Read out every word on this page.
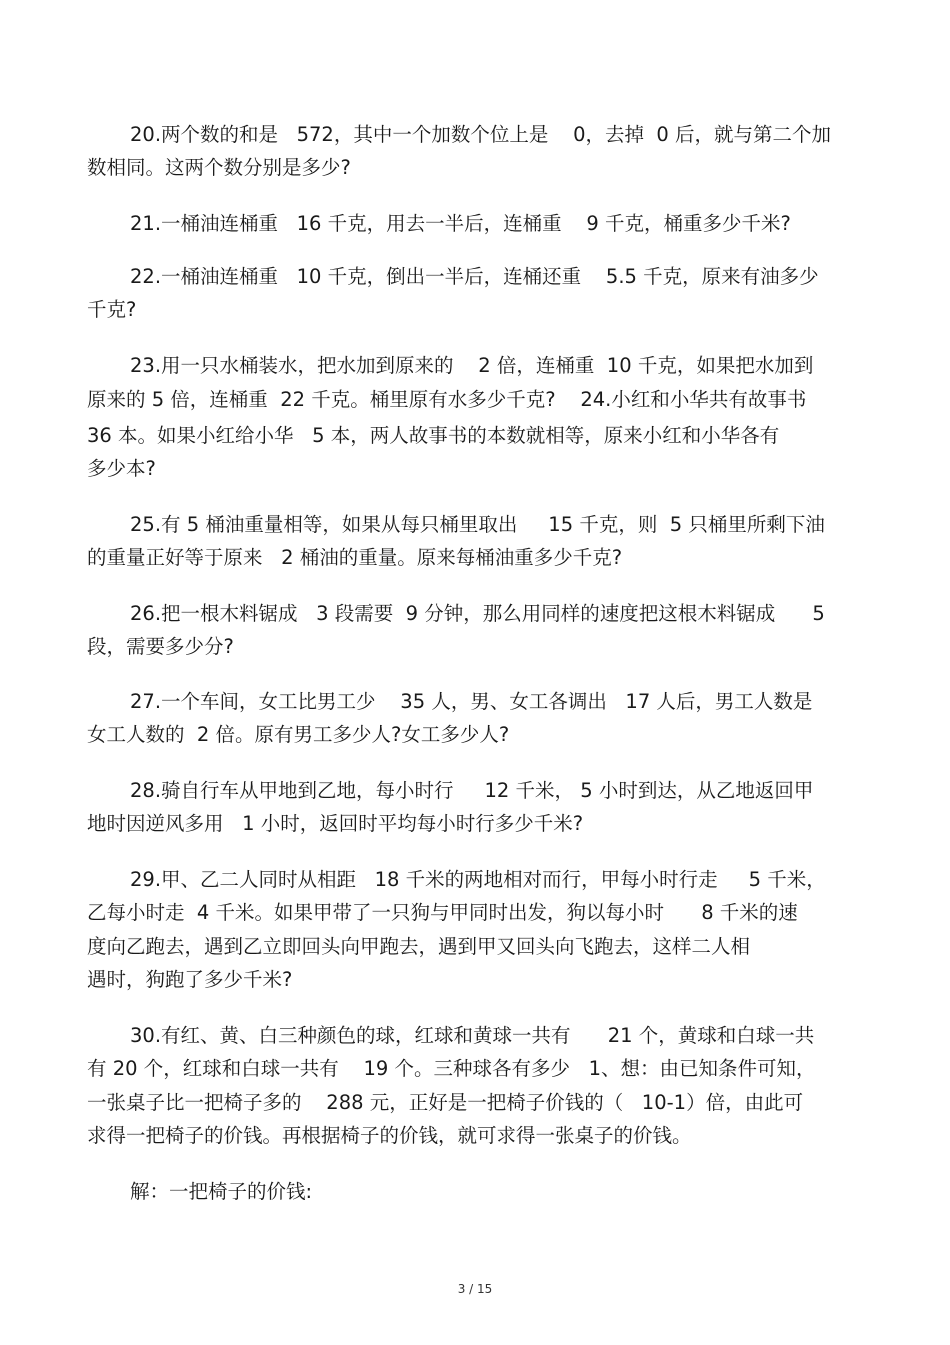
20.两个数的和是   572，其中一个加数个位上是    0，去掉  0 后，就与第二个加
数相同。这两个数分别是多少?
21.一桶油连桶重   16 千克，用去一半后，连桶重    9 千克，桶重多少千米?
22.一桶油连桶重   10 千克，倒出一半后，连桶还重    5.5 千克，原来有油多少
千克?
23.用一只水桶装水，把水加到原来的    2 倍，连桶重  10 千克，如果把水加到
原来的 5 倍，连桶重  22 千克。桶里原有水多少千克?    24.小红和小华共有故事书
36 本。如果小红给小华   5 本，两人故事书的本数就相等，原来小红和小华各有
多少本?
25.有 5 桶油重量相等，如果从每只桶里取出     15 千克，则  5 只桶里所剩下油
的重量正好等于原来   2 桶油的重量。原来每桶油重多少千克?
26.把一根木料锯成   3 段需要  9 分钟，那么用同样的速度把这根木料锯成      5
段，需要多少分?
27.一个车间，女工比男工少    35 人，男、女工各调出   17 人后，男工人数是
女工人数的  2 倍。原有男工多少人?女工多少人?
28.骑自行车从甲地到乙地，每小时行     12 千米， 5 小时到达，从乙地返回甲
地时因逆风多用   1 小时，返回时平均每小时行多少千米?
29.甲、乙二人同时从相距   18 千米的两地相对而行，甲每小时行走     5 千米，
乙每小时走  4 千米。如果甲带了一只狗与甲同时出发，狗以每小时      8 千米的速
度向乙跑去，遇到乙立即回头向甲跑去，遇到甲又回头向飞跑去，这样二人相
遇时，狗跑了多少千米?
30.有红、黄、白三种颜色的球，红球和黄球一共有      21 个，黄球和白球一共
有 20 个，红球和白球一共有    19 个。三种球各有多少   1、想：由已知条件可知，
一张桌子比一把椅子多的    288 元，正好是一把椅子价钱的（   10-1）倍，由此可
求得一把椅子的价钱。再根据椅子的价钱，就可求得一张桌子的价钱。
解：一把椅子的价钱:
3 / 15
